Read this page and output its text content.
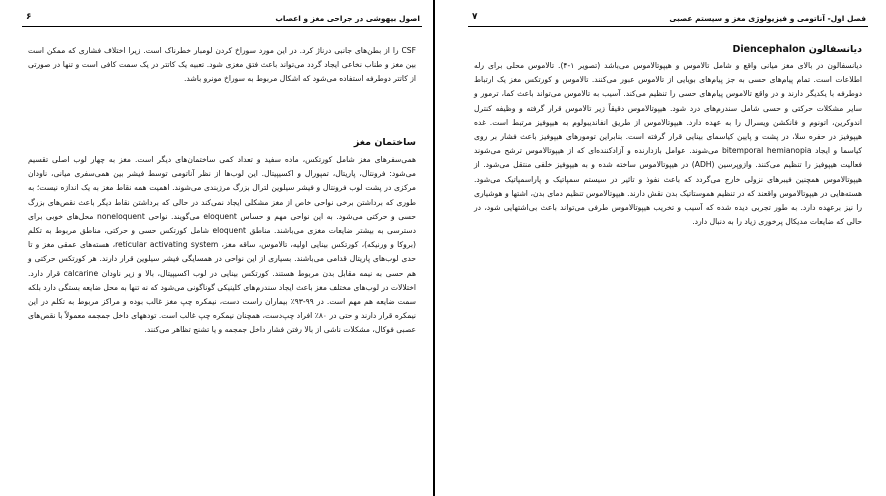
اصول بیهوشی در جراحی مغز و اعصاب
۶

CSF را از بطن‌های جانبی درناژ کرد. در این مورد سوراخ کردن لومبار خطرناک است. زیرا اختلاف فشاری که ممکن است بین مغز و طناب نخاعی ایجاد گردد می‌تواند باعث فتق مغزی شود. تعبیه یک کاتتر در یک سمت کافی است و تنها در صورتی از کاتتر دوطرفه استفاده می‌شود که اشکال مربوط به سوراخ مونرو باشد.

ساختمان مغز

همی‌سفرهای مغز شامل کورتکس، ماده سفید و تعداد کمی ساختمان‌های دیگر است. مغز به چهار لوب اصلی تقسیم می‌شود: فرونتال، پاریتال، تمپورال و اکسیپیتال. این لوب‌ها از نظر آناتومی توسط فیشر بین همی‌سفری میانی، ناودان مرکزی در پشت لوب فرونتال و فیشر سیلوین لترال بزرگ مرزبندی می‌شوند. اهمیت همه نقاط مغز به یک اندازه نیست؛ به طوری که برداشتن برخی نواحی خاص از مغز مشکلی ایجاد نمی‌کند در حالی که برداشتن نقاط دیگر باعث نقص‌های بزرگ حسی و حرکتی می‌شود. به این نواحی مهم و حساس eloquent می‌گویند. نواحی noneloquent محل‌های خوبی برای دسترسی به بیشتر ضایعات مغزی می‌باشند. مناطق eloquent شامل کورتکس حسی و حرکتی، مناطق مربوط به تکلم (بروکا و ورنیکه)، کورتکس بینایی اولیه، تالاموس، ساقه مغز، reticular activating system، هسته‌های عمقی مغز و تا حدی لوب‌های پاریتال قدامی می‌باشند. بسیاری از این نواحی در همسایگی فیشر سیلوین قرار دارند. هر کورتکس حرکتی و هم حسی به نیمه مقابل بدن مربوط هستند. کورتکس بینایی در لوب اکسیپیتال، بالا و زیر ناودان calcarine قرار دارد. اختلالات در لوب‌های مختلف مغز باعث ایجاد سندرم‌های کلینیکی گوناگونی می‌شود که نه تنها به محل ضایعه بستگی دارد بلکه سمت ضایعه هم مهم است. در ۹۹-۹۳٪ بیماران راست دست، نیمکره چپ مغز غالب بوده و مراکز مربوط به تکلم در این نیمکره قرار دارند و حتی در ۸۰٪ افراد چپ‌دست، همچنان نیمکره چپ غالب است. تودههای داخل جمجمه معمولاً با نقص‌های عصبی فوکال، مشکلات ناشی از بالا رفتن فشار داخل جمجمه و یا تشنج تظاهر می‌کنند.

فصل اول- آناتومی و فیزیولوژی مغز و سیستم عصبی
۷
دیانسفالون Diencephalon

دیانسفالون در بالای مغز میانی واقع و شامل تالاموس و هیپوتالاموس می‌باشد (تصویر ۱-۴). تالاموس محلی برای رله اطلاعات است. تمام پیام‌های حسی به جز پیام‌های بویایی از تالاموس عبور می‌کنند. تالاموس و کورتکس مغز یک ارتباط دوطرفه با یکدیگر دارند و در واقع تالاموس پیام‌های حسی را تنظیم می‌کند. آسیب به تالاموس می‌تواند باعث کما، ترمور و سایر مشکلات حرکتی و حسی شامل سندرم‌های درد شود. هیپوتالاموس دقیقاً زیر تالاموس قرار گرفته و وظیفه کنترل اندوکرین، اتونوم و فانکشن ویسرال را به عهده دارد. هیپوتالاموس از طریق انفاندیبولوم به هیپوفیز مرتبط است. غده هیپوفیز در حفره سلا، در پشت و پایین کیاسمای بینایی قرار گرفته است. بنابراین تومورهای هیپوفیز باعث فشار بر روی کیاسما و ایجاد bitemporal hemianopia می‌شوند. عوامل بازدارنده و آزادکننده‌ای که از هیپوتالاموس ترشح می‌شوند فعالیت هیپوفیز را تنظیم می‌کنند. وازوپرسین (ADH) در هیپوتالاموس ساخته شده و به هیپوفیز خلفی منتقل می‌شود. از هیپوتالاموس همچنین فیبرهای نزولی خارج می‌گردد که باعث نفوذ و تاثیر در سیستم سمپاتیک و پاراسمپاتیک می‌شود. هسته‌هایی در هیپوتالاموس واقعند که در تنظیم هموستاتیک بدن نقش دارند. هیپوتالاموس تنظیم دمای بدن، اشتها و هوشیاری را نیز برعهده دارد. به طور تجربی دیده شده که آسیب و تخریب هیپوتالاموس طرفی می‌تواند باعث بی‌اشتهایی شود، در حالی که ضایعات مدیکال پرخوری زیاد را به دنبال دارد.
